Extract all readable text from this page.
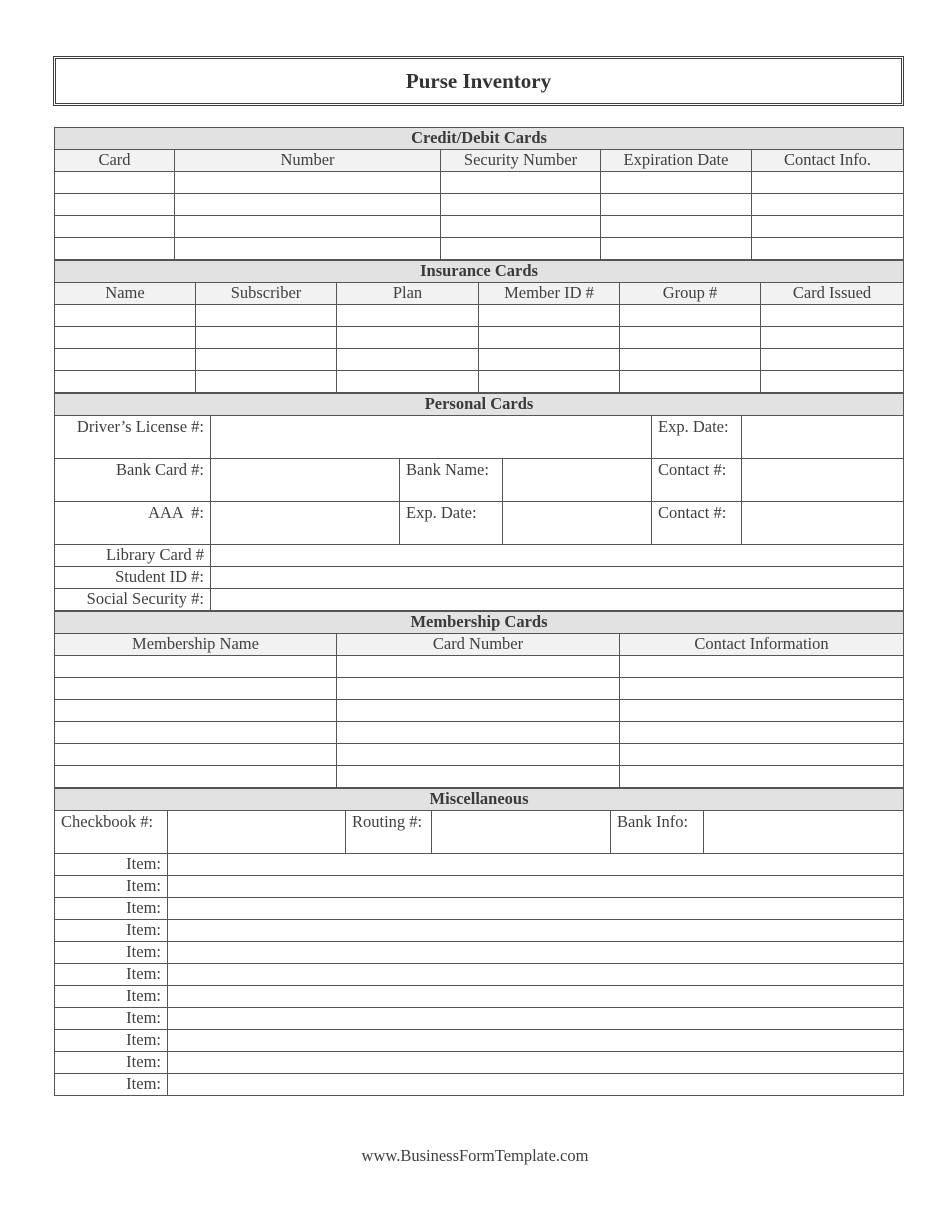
Purse Inventory
Credit/Debit Cards				
Card	Number	Security Number	Expiration Date	Contact Info.

Insurance Cards					
Name	Subscriber	Plan	Member ID #	Group #	Card Issued

Personal Cards					
Driver’s License #:				Exp. Date:	
Bank Card #:		Bank Name:		Contact #:	
AAA  #:		Exp. Date:		Contact #:	
Library Card #					
Student ID #:					
Social Security #:					
Membership Cards		
Membership Name	Card Number	Contact Information

Miscellaneous					
Checkbook #:		Routing #:		Bank Info:	
Item:					
Item:					
Item:					
Item:					
Item:					
Item:					
Item:					
Item:					
Item:					
Item:					
Item:					
www.BusinessFormTemplate.com
